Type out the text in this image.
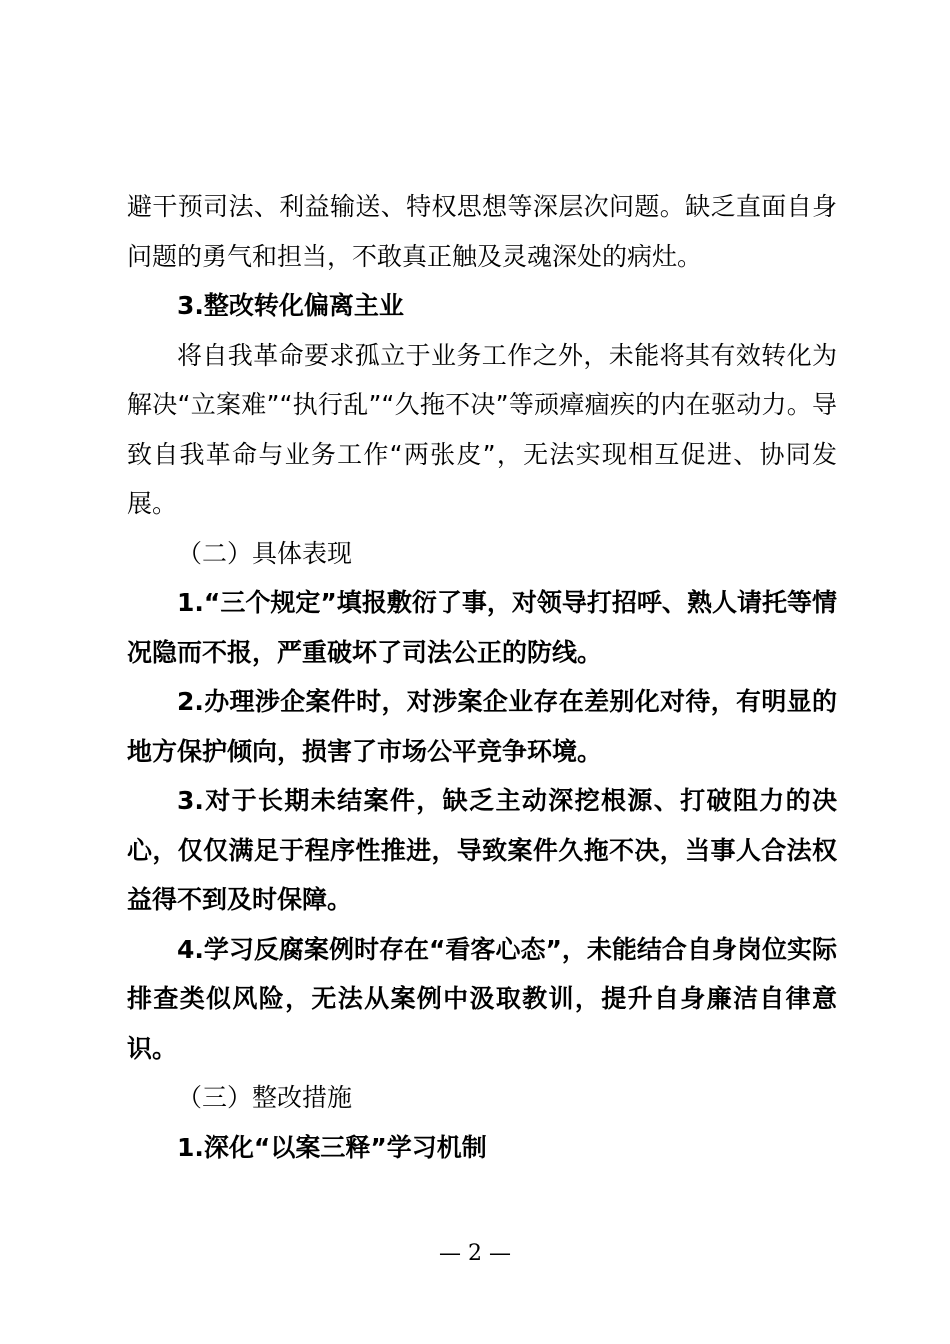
避干预司法、利益输送、特权思想等深层次问题。缺乏直面自身问题的勇气和担当，不敢真正触及灵魂深处的病灶。

3.整改转化偏离主业

将自我革命要求孤立于业务工作之外，未能将其有效转化为解决“立案难”“执行乱”“久拖不决”等顽瘴痼疾的内在驱动力。导致自我革命与业务工作“两张皮”，无法实现相互促进、协同发展。

（二）具体表现

1.“三个规定”填报敷衍了事，对领导打招呼、熟人请托等情况隐而不报，严重破坏了司法公正的防线。

2.办理涉企案件时，对涉案企业存在差别化对待，有明显的地方保护倾向，损害了市场公平竞争环境。

3.对于长期未结案件，缺乏主动深挖根源、打破阻力的决心，仅仅满足于程序性推进，导致案件久拖不决，当事人合法权益得不到及时保障。

4.学习反腐案例时存在“看客心态”，未能结合自身岗位实际排查类似风险，无法从案例中汲取教训，提升自身廉洁自律意识。

（三）整改措施

1.深化“以案三释”学习机制

— 2 —
